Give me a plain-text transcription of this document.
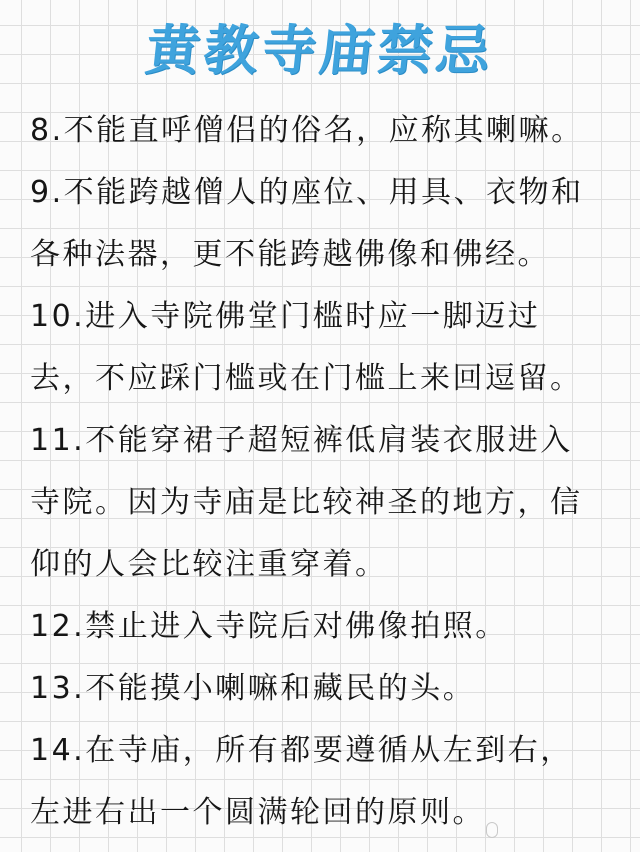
黄教寺庙禁忌
8.不能直呼僧侣的俗名，应称其喇嘛。
9.不能跨越僧人的座位、用具、衣物和
各种法器，更不能跨越佛像和佛经。
10.进入寺院佛堂门槛时应一脚迈过
去，不应踩门槛或在门槛上来回逗留。
11.不能穿裙子超短裤低肩装衣服进入
寺院。因为寺庙是比较神圣的地方，信
仰的人会比较注重穿着。
12.禁止进入寺院后对佛像拍照。
13.不能摸小喇嘛和藏民的头。
14.在寺庙，所有都要遵循从左到右，
左进右出一个圆满轮回的原则。
